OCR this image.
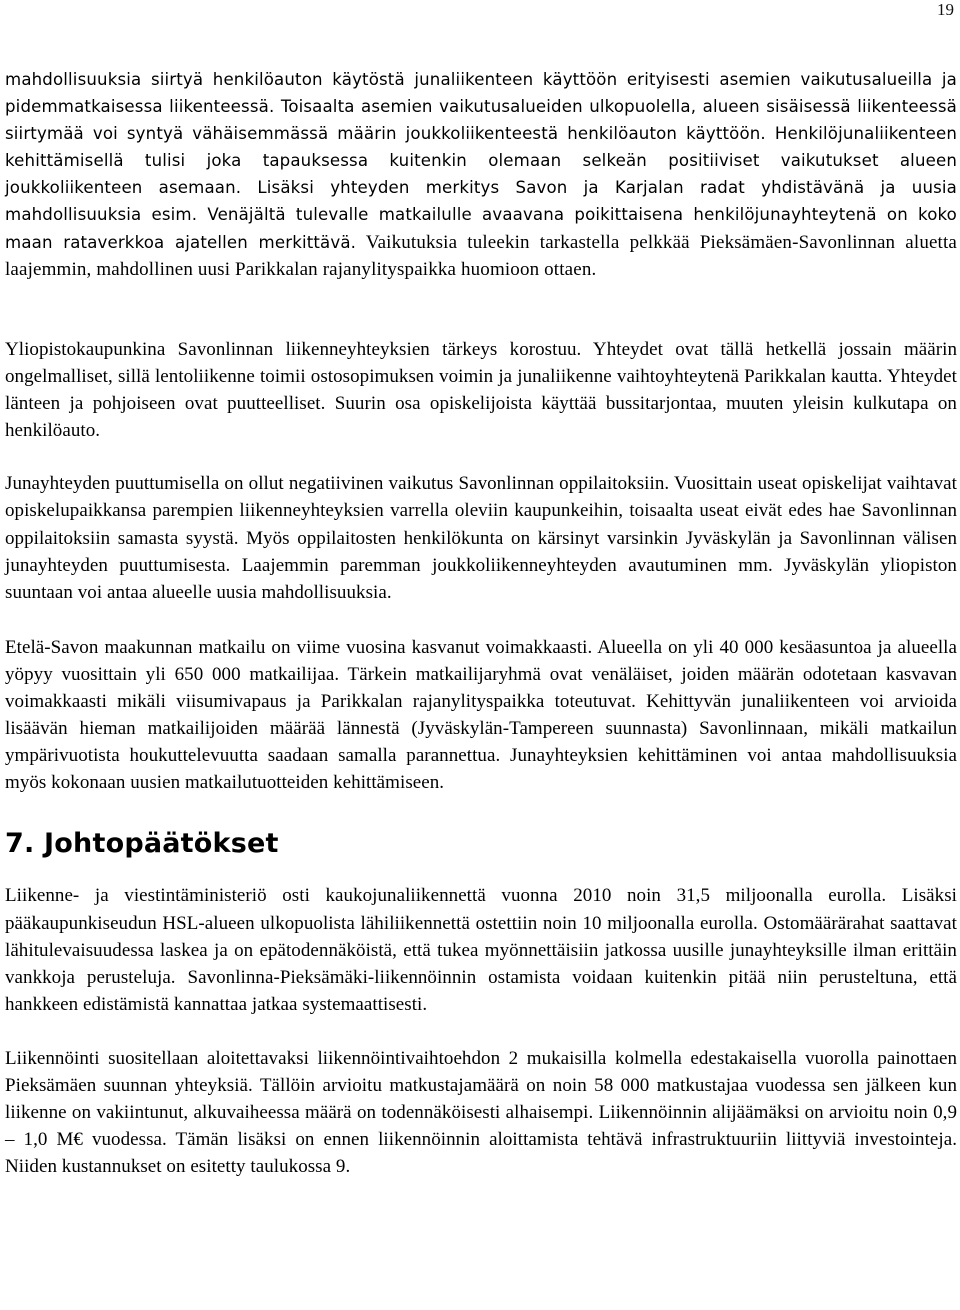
19

mahdollisuuksia siirtyä henkilöauton käytöstä junaliikenteen käyttöön erityisesti asemien vaikutusalueilla ja pidemmatkaisessa liikenteessä. Toisaalta asemien vaikutusalueiden ulkopuolella, alueen sisäisessä liikenteessä siirtymää voi syntyä vähäisemmässä määrin joukkoliikenteestä henkilöauton käyttöön. Henkilöjunaliikenteen kehittämisellä tulisi joka tapauksessa kuitenkin olemaan selkeän positiiviset vaikutukset alueen joukkoliikenteen asemaan. Lisäksi yhteyden merkitys Savon ja Karjalan radat yhdistävänä ja uusia mahdollisuuksia esim. Venäjältä tulevalle matkailulle avaavana poikittaisena henkilöjunayhteytenä on koko maan rataverkkoa ajatellen merkittävä. Vaikutuksia tuleekin tarkastella pelkkää Pieksämäen-Savonlinnan aluetta laajemmin, mahdollinen uusi Parikkalan rajanylityspaikka huomioon ottaen.

Yliopistokaupunkina Savonlinnan liikenneyhteyksien tärkeys korostuu. Yhteydet ovat tällä hetkellä jossain määrin ongelmalliset, sillä lentoliikenne toimii ostosopimuksen voimin ja junaliikenne vaihtoyhteytenä Parikkalan kautta. Yhteydet länteen ja pohjoiseen ovat puutteelliset. Suurin osa opiskelijoista käyttää bussitarjontaa, muuten yleisin kulkutapa on henkilöauto.

Junayhteyden puuttumisella on ollut negatiivinen vaikutus Savonlinnan oppilaitoksiin. Vuosittain useat opiskelijat vaihtavat opiskelupaikkansa parempien liikenneyhteyksien varrella oleviin kaupunkeihin, toisaalta useat eivät edes hae Savonlinnan oppilaitoksiin samasta syystä. Myös oppilaitosten henkilökunta on kärsinyt varsinkin Jyväskylän ja Savonlinnan välisen junayhteyden puuttumisesta. Laajemmin paremman joukkoliikenneyhteyden avautuminen mm. Jyväskylän yliopiston suuntaan voi antaa alueelle uusia mahdollisuuksia.

Etelä-Savon maakunnan matkailu on viime vuosina kasvanut voimakkaasti. Alueella on yli 40 000 kesäasuntoa ja alueella yöpyy vuosittain yli 650 000 matkailijaa. Tärkein matkailijaryhmä ovat venäläiset, joiden määrän odotetaan kasvavan voimakkaasti mikäli viisumivapaus ja Parikkalan rajanylityspaikka toteutuvat. Kehittyvän junaliikenteen voi arvioida lisäävän hieman matkailijoiden määrää lännestä (Jyväskylän-Tampereen suunnasta) Savonlinnaan, mikäli matkailun ympärivuotista houkuttelevuutta saadaan samalla parannettua. Junayhteyksien kehittäminen voi antaa mahdollisuuksia myös kokonaan uusien matkailutuotteiden kehittämiseen.

7. Johtopäätökset

Liikenne- ja viestintäministeriö osti kaukojunaliikennettä vuonna 2010 noin 31,5 miljoonalla eurolla. Lisäksi pääkaupunkiseudun HSL-alueen ulkopuolista lähiliikennettä ostettiin noin 10 miljoonalla eurolla. Ostomäärärahat saattavat lähitulevaisuudessa laskea ja on epätodennäköistä, että tukea myönnettäisiin jatkossa uusille junayhteyksille ilman erittäin vankkoja perusteluja. Savonlinna-Pieksämäki-liikennöinnin ostamista voidaan kuitenkin pitää niin perusteltuna, että hankkeen edistämistä kannattaa jatkaa systemaattisesti.

Liikennöinti suositellaan aloitettavaksi liikennöintivaihtoehdon 2 mukaisilla kolmella edestakaisella vuorolla painottaen Pieksämäen suunnan yhteyksiä. Tällöin arvioitu matkustajamäärä on noin 58 000 matkustajaa vuodessa sen jälkeen kun liikenne on vakiintunut, alkuvaiheessa määrä on todennäköisesti alhaisempi. Liikennöinnin alijäämäksi on arvioitu noin 0,9 – 1,0 M€ vuodessa. Tämän lisäksi on ennen liikennöinnin aloittamista tehtävä infrastruktuuriin liittyviä investointeja. Niiden kustannukset on esitetty taulukossa 9.
